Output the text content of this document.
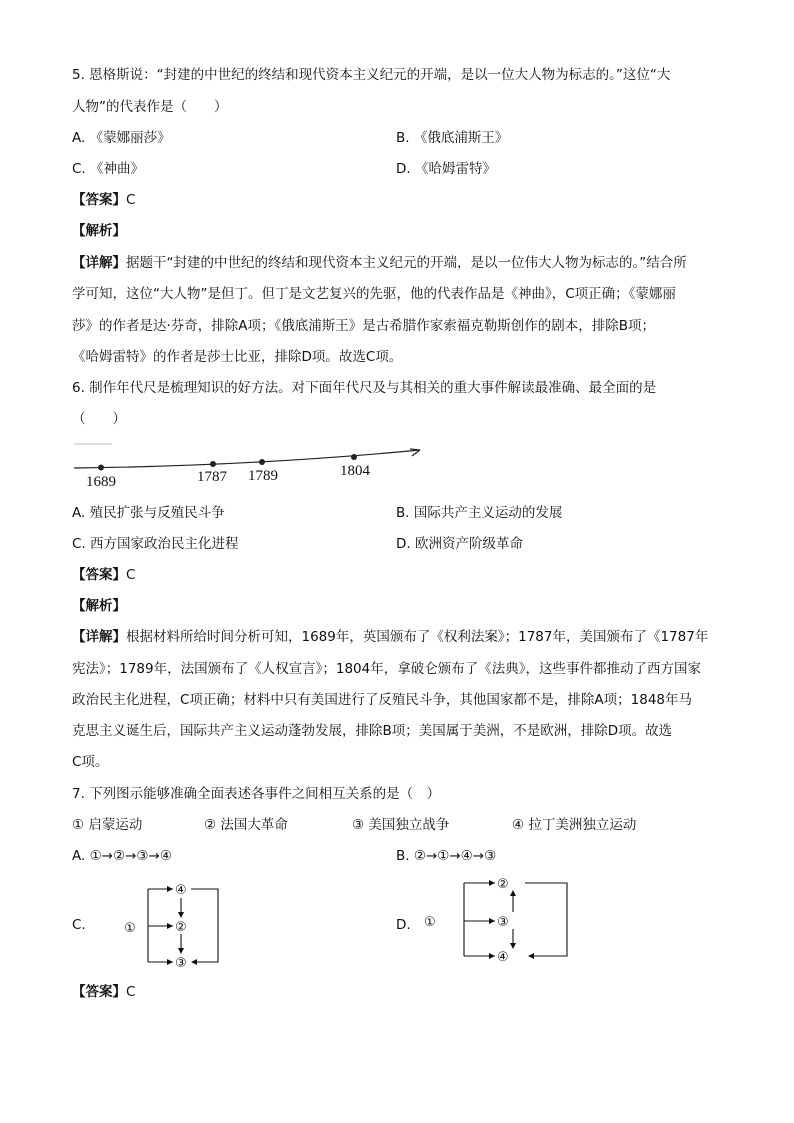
5. 恩格斯说：“封建的中世纪的终结和现代资本主义纪元的开端，是以一位大人物为标志的。”这位“大
人物”的代表作是（　　）
A. 《蒙娜丽莎》	B. 《俄底浦斯王》
C. 《神曲》	D. 《哈姆雷特》
【答案】C
【解析】
【详解】据题干“封建的中世纪的终结和现代资本主义纪元的开端，是以一位伟大人物为标志的。”结合所
学可知，这位“大人物”是但丁。但丁是文艺复兴的先驱，他的代表作品是《神曲》，C项正确；《蒙娜丽
莎》的作者是达·芬奇，排除A项；《俄底浦斯王》是古希腊作家索福克勒斯创作的剧本，排除B项；
《哈姆雷特》的作者是莎士比亚，排除D项。故选C项。
6. 制作年代尺是梳理知识的好方法。对下面年代尺及与其相关的重大事件解读最准确、最全面的是
（　　）
1689	1787 1789	1804
A. 殖民扩张与反殖民斗争	B. 国际共产主义运动的发展
C. 西方国家政治民主化进程	D. 欧洲资产阶级革命
【答案】C
【解析】
【详解】根据材料所给时间分析可知，1689年，英国颁布了《权利法案》；1787年，美国颁布了《1787年
宪法》；1789年，法国颁布了《人权宣言》；1804年，拿破仑颁布了《法典》，这些事件都推动了西方国家
政治民主化进程，C项正确；材料中只有美国进行了反殖民斗争，其他国家都不是，排除A项；1848年马
克思主义诞生后，国际共产主义运动蓬勃发展，排除B项；美国属于美洲，不是欧洲，排除D项。故选
C项。
7. 下列图示能够准确全面表述各事件之间相互关系的是（　）
① 启蒙运动	② 法国大革命	③ 美国独立战争	④ 拉丁美洲独立运动
A. ①→②→③→④	B. ②→①→④→③
C.	①
④
②
③
D. ①
②
③
④
【答案】C
